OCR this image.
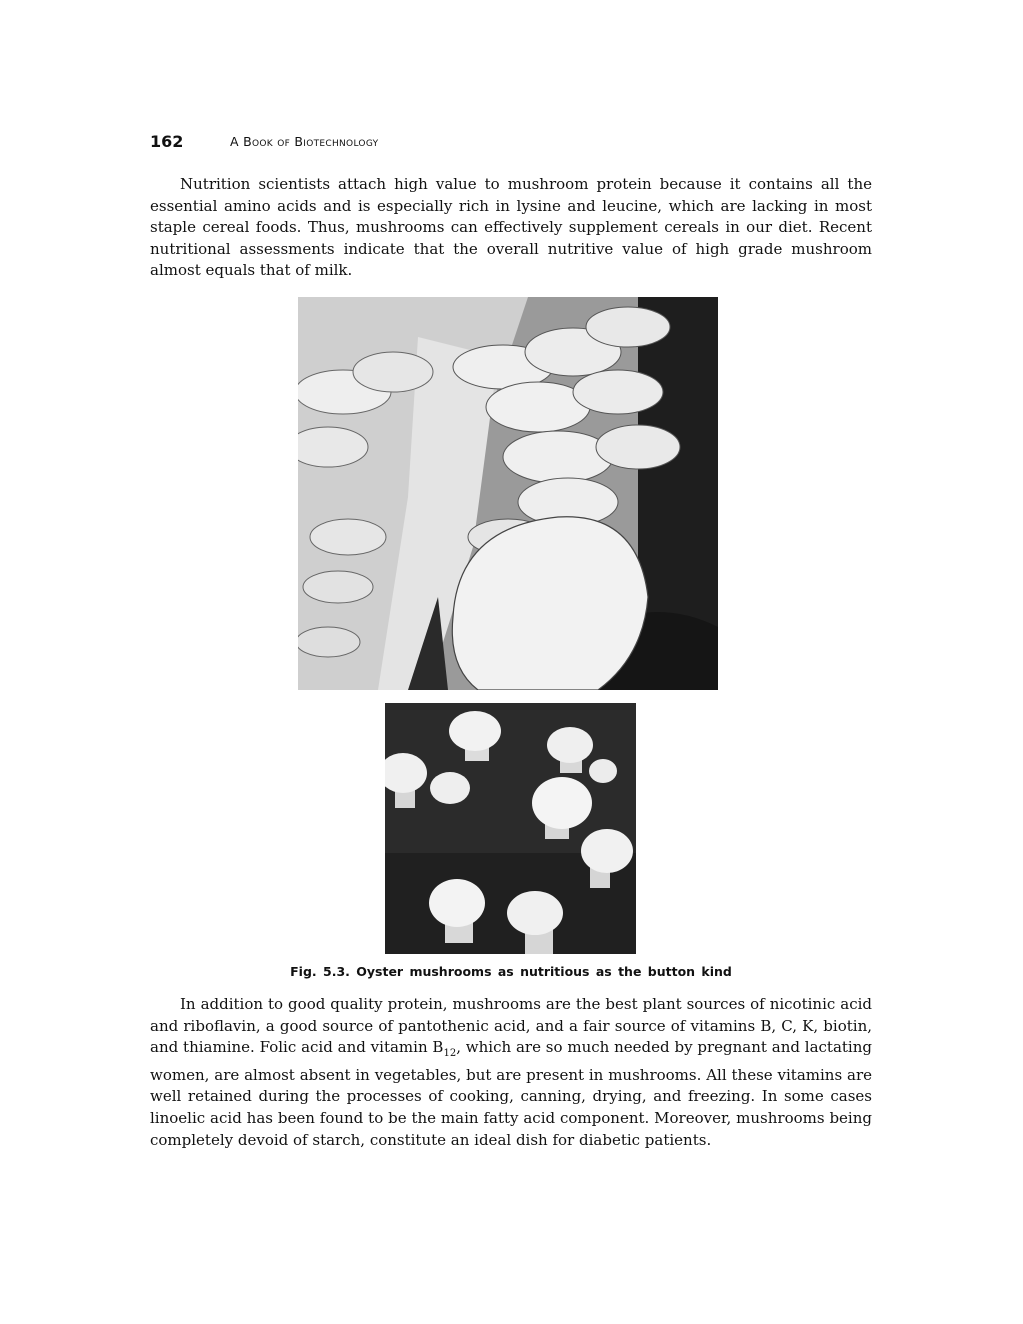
162	A Book of Biotechnology

Nutrition scientists attach high value to mushroom protein because it contains all the essential amino acids and is especially rich in lysine and leucine, which are lacking in most staple cereal foods. Thus, mushrooms can effectively supplement cereals in our diet. Recent nutritional assessments indicate that the overall nutritive value of high grade mushroom almost equals that of milk.

Fig. 5.3. Oyster mushrooms as nutritious as the button kind

In addition to good quality protein, mushrooms are the best plant sources of nicotinic acid and riboflavin, a good source of pantothenic acid, and a fair source of vitamins B, C, K, biotin, and thiamine. Folic acid and vitamin $B_{12}$, which are so much needed by pregnant and lactating women, are almost absent in vegetables, but are present in mushrooms. All these vitamins are well retained during the processes of cooking, canning, drying, and freezing. In some cases linoelic acid has been found to be the main fatty acid component. Moreover, mushrooms being completely devoid of starch, constitute an ideal dish for diabetic patients.
